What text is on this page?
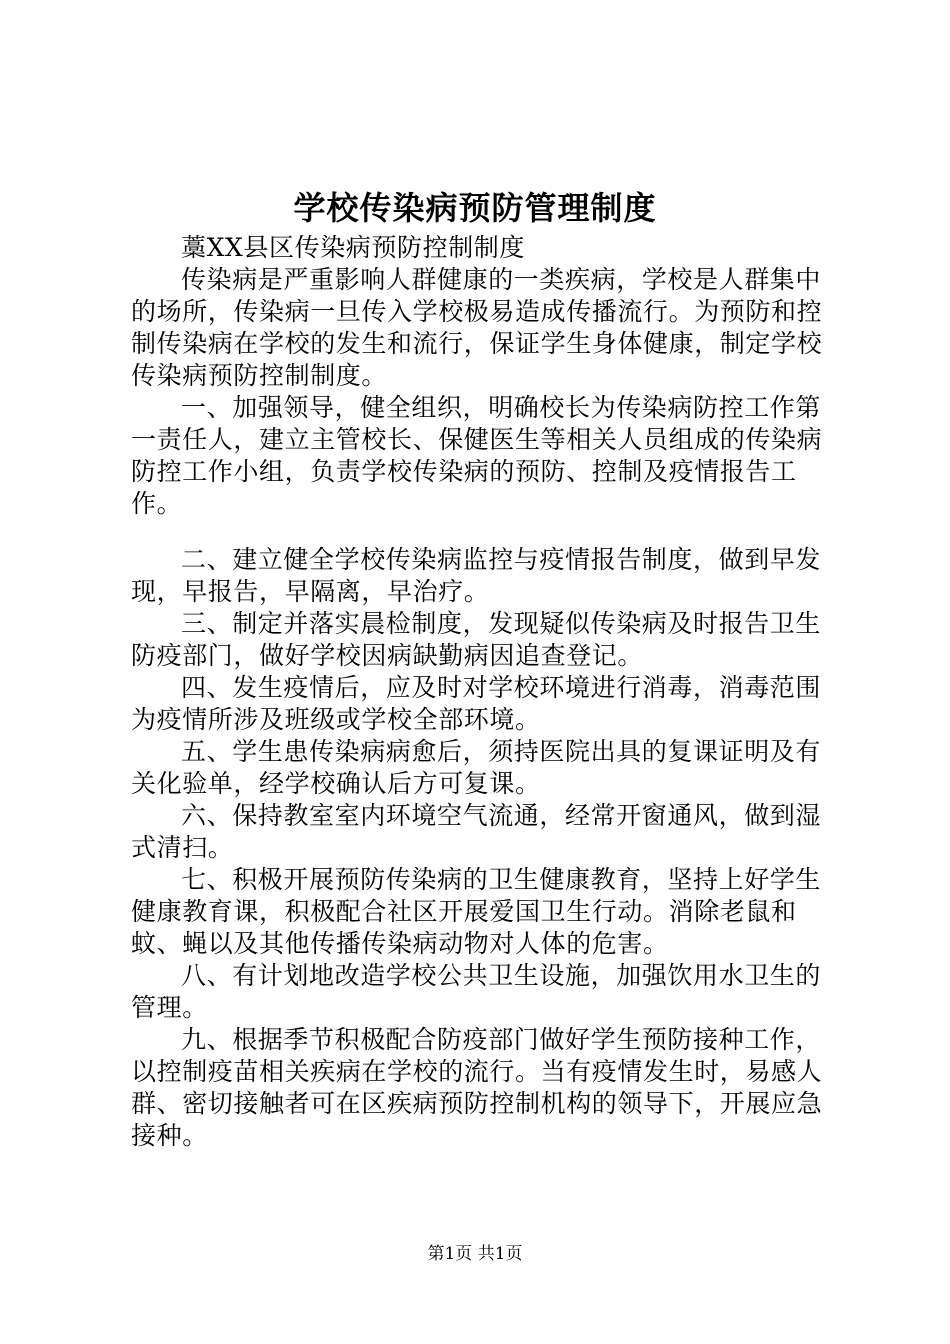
学校传染病预防管理制度

藁XX县区传染病预防控制制度

传染病是严重影响人群健康的一类疾病，学校是人群集中的场所，传染病一旦传入学校极易造成传播流行。为预防和控制传染病在学校的发生和流行，保证学生身体健康，制定学校传染病预防控制制度。

一、加强领导，健全组织，明确校长为传染病防控工作第一责任人，建立主管校长、保健医生等相关人员组成的传染病防控工作小组，负责学校传染病的预防、控制及疫情报告工作。

二、建立健全学校传染病监控与疫情报告制度，做到早发现，早报告，早隔离，早治疗。

三、制定并落实晨检制度，发现疑似传染病及时报告卫生防疫部门，做好学校因病缺勤病因追查登记。

四、发生疫情后，应及时对学校环境进行消毒，消毒范围为疫情所涉及班级或学校全部环境。

五、学生患传染病病愈后，须持医院出具的复课证明及有关化验单，经学校确认后方可复课。

六、保持教室室内环境空气流通，经常开窗通风，做到湿式清扫。

七、积极开展预防传染病的卫生健康教育，坚持上好学生健康教育课，积极配合社区开展爱国卫生行动。消除老鼠和蚊、蝇以及其他传播传染病动物对人体的危害。

八、有计划地改造学校公共卫生设施，加强饮用水卫生的管理。

九、根据季节积极配合防疫部门做好学生预防接种工作，以控制疫苗相关疾病在学校的流行。当有疫情发生时，易感人群、密切接触者可在区疾病预防控制机构的领导下，开展应急接种。

第1页 共1页
